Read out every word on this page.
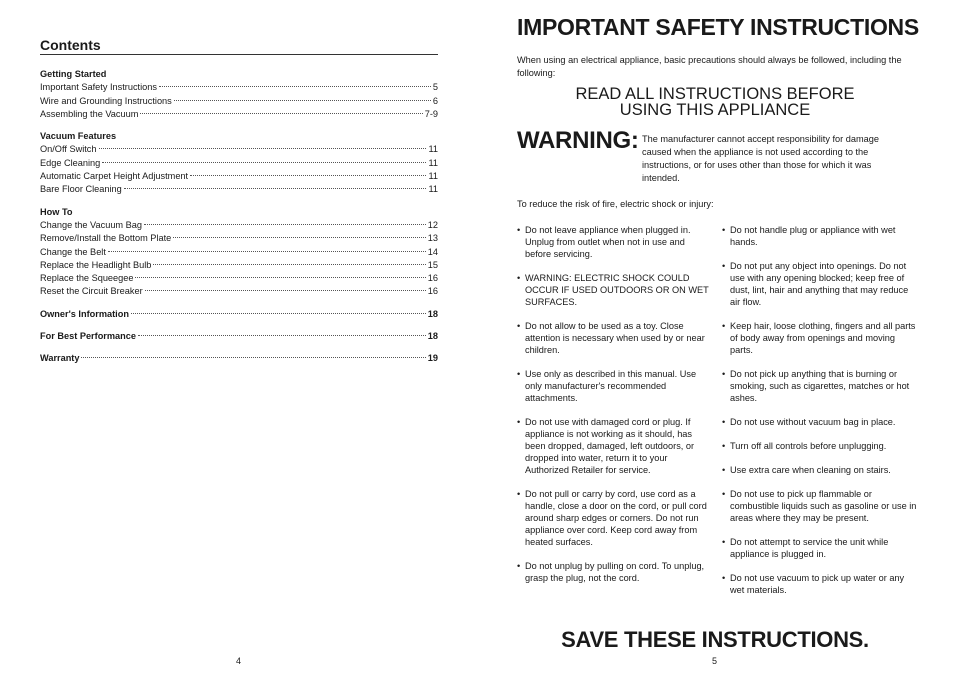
Contents
Getting Started
Important Safety Instructions	5
Wire and Grounding Instructions	6
Assembling the Vacuum	7-9
Vacuum Features
On/Off Switch	11
Edge Cleaning	11
Automatic Carpet Height Adjustment	11
Bare Floor Cleaning	11
How To
Change the Vacuum Bag	12
Remove/Install the Bottom Plate	13
Change the Belt	14
Replace the Headlight Bulb	15
Replace the Squeegee	16
Reset the Circuit Breaker	16
Owner's Information	18
For Best Performance	18
Warranty	19
4
IMPORTANT SAFETY INSTRUCTIONS

When using an electrical appliance, basic precautions should always be followed, including the following:

READ ALL INSTRUCTIONS BEFORE
USING THIS APPLIANCE
WARNING: The manufacturer cannot accept responsibility for damage caused when the appliance is not used according to the instructions, or for uses other than those for which it was intended.

To reduce the risk of fire, electric shock or injury:

• Do not leave appliance when plugged in. Unplug from outlet when not in use and before servicing.
• WARNING: ELECTRIC SHOCK COULD OCCUR IF USED OUTDOORS OR ON WET SURFACES.
• Do not allow to be used as a toy. Close attention is necessary when used by or near children.
• Use only as described in this manual. Use only manufacturer's recommended attachments.
• Do not use with damaged cord or plug. If appliance is not working as it should, has been dropped, damaged, left outdoors, or dropped into water, return it to your Authorized Retailer for service.
• Do not pull or carry by cord, use cord as a handle, close a door on the cord, or pull cord around sharp edges or corners. Do not run appliance over cord. Keep cord away from heated surfaces.
• Do not unplug by pulling on cord. To unplug, grasp the plug, not the cord.
• Do not handle plug or appliance with wet hands.
• Do not put any object into openings. Do not use with any opening blocked; keep free of dust, lint, hair and anything that may reduce air flow.
• Keep hair, loose clothing, fingers and all parts of body away from openings and moving parts.
• Do not pick up anything that is burning or smoking, such as cigarettes, matches or hot ashes.
• Do not use without vacuum bag in place.
• Turn off all controls before unplugging.
• Use extra care when cleaning on stairs.
• Do not use to pick up flammable or combustible liquids such as gasoline or use in areas where they may be present.
• Do not attempt to service the unit while appliance is plugged in.
• Do not use vacuum to pick up water or any wet materials.
SAVE THESE INSTRUCTIONS.
5
